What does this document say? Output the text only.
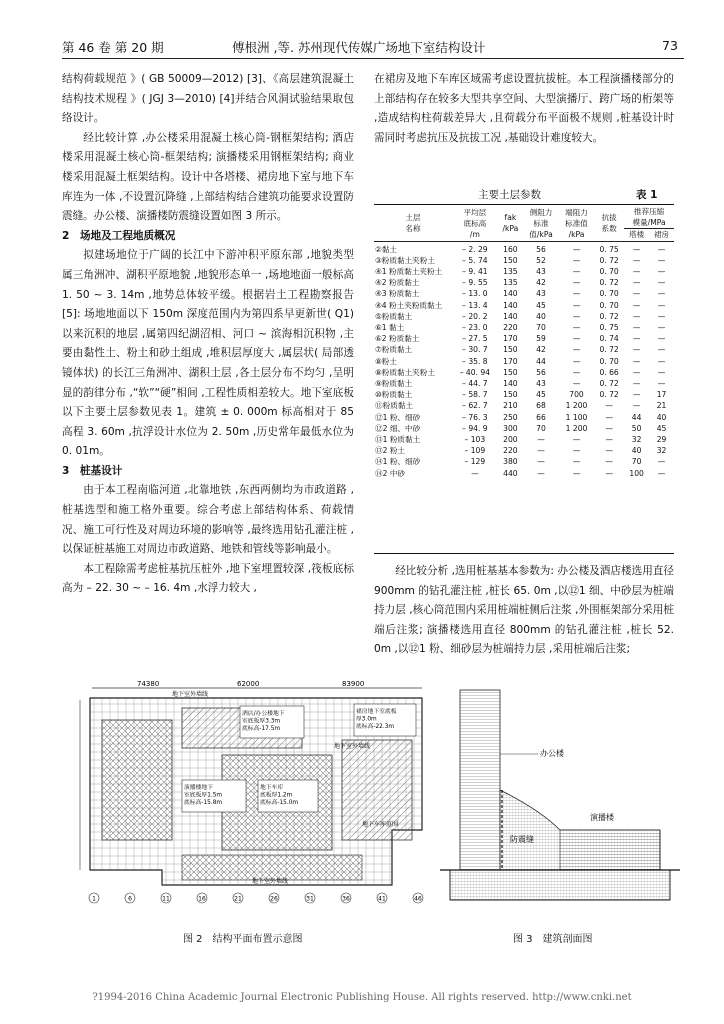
第 46 卷 第 20 期	傅根洲 ,等. 苏州现代传媒广场地下室结构设计	73

结构荷载规范 》( GB 50009—2012) [3]、《高层建筑混凝土结构技术规程 》( JGJ 3—2010) [4]并结合风洞试验结果取包络设计。

经比较计算 ,办公楼采用混凝土核心筒-钢框架结构; 酒店楼采用混凝土核心筒-框架结构; 演播楼采用钢框架结构; 商业楼采用混凝土框架结构。设计中各塔楼、裙房地下室与地下车库连为一体 ,不设置沉降缝 ,上部结构结合建筑功能要求设置防震缝。办公楼、演播楼防震缝设置如图 3 所示。

2　场地及工程地质概况

拟建场地位于广阔的长江中下游冲积平原东部 ,地貌类型属三角洲冲、湖积平原地貌 ,地貌形态单一 ,场地地面一般标高 1. 50 ~ 3. 14m ,地势总体较平缓。根据岩土工程勘察报告[5]: 场地地面以下 150m 深度范围内为第四系早更新世( Q1) 以来沉积的地层 ,属第四纪湖沼相、河口 ~ 滨海相沉积物 ,主要由黏性土、粉土和砂土组成 ,堆积层厚度大 ,属层状( 局部透镜体状) 的长江三角洲冲、湖积土层 ,各土层分布不均匀 ,呈明显的韵律分布 ,“软”“硬”相间 ,工程性质相差较大。地下室底板以下主要土层参数见表 1。建筑 ± 0. 000m 标高相对于 85 高程 3. 60m ,抗浮设计水位为 2. 50m ,历史常年最低水位为 0. 01m。

3　桩基设计

由于本工程南临河道 ,北靠地铁 ,东西两侧均为市政道路 ,桩基选型和施工格外重要。综合考虑上部结构体系、荷载情况、施工可行性及对周边环境的影响等 ,最终选用钻孔灌注桩 ,以保证桩基施工对周边市政道路、地铁和管线等影响最小。

本工程除需考虑桩基抗压桩外 ,地下室埋置较深 ,筏板底标高为 – 22. 30 ~ – 16. 4m ,水浮力较大 ,

在裙房及地下车库区域需考虑设置抗拔桩。本工程演播楼部分的上部结构存在较多大型共享空间、大型演播厅、跨广场的桁架等 ,造成结构柱荷载差异大 ,且荷载分布平面极不规则 ,桩基设计时需同时考虑抗压及抗拔工况 ,基础设计难度较大。

主要土层参数	表 1
土层
名称	平均层
底标高
/m	fak
/kPa	侧阻力
标准
值/kPa	端阻力
标准值
/kPa	抗拔
系数	推荐压缩
模量/MPa	
						塔楼	裙房
②黏土	– 2. 29	160	56	—	0. 75	—	—
③粉质黏土夹粉土	– 5. 74	150	52	—	0. 72	—	—
④1 粉质黏土夹粉土	– 9. 41	135	43	—	0. 70	—	—
④2 粉质黏土	– 9. 55	135	42	—	0. 72	—	—
④3 粉质黏土	– 13. 0	140	43	—	0. 70	—	—
④4 粉土夹粉质黏土	– 13. 4	140	45	—	0. 70	—	—
⑤粉质黏土	– 20. 2	140	40	—	0. 72	—	—
⑥1 黏土	– 23. 0	220	70	—	0. 75	—	—
⑥2 粉质黏土	– 27. 5	170	59	—	0. 74	—	—
⑦粉质黏土	– 30. 7	150	42	—	0. 72	—	—
⑧粉土	– 35. 8	170	44	—	0. 70	—	—
⑧粉质黏土夹粉土	– 40. 94	150	56	—	0. 66	—	—
⑨粉质黏土	– 44. 7	140	43	—	0. 72	—	—
⑩粉质黏土	– 58. 7	150	45	700	0. 72	—	17
⑪粉质黏土	– 62. 7	210	68	1 200	—	—	21
⑫1 粉、细砂	– 76. 3	250	66	1 100	—	44	40
⑫2 细、中砂	– 94. 9	300	70	1 200	—	50	45
⑬1 粉质黏土	– 103	200	—	—	—	32	29
⑬2 粉土	– 109	220	—	—	—	40	32
⑭1 粉、细砂	– 129	380	—	—	—	70	—
⑭2 中砂	—	440	—	—	—	100	—

经比较分析 ,选用桩基基本参数为: 办公楼及酒店楼选用直径 900mm 的钻孔灌注桩 ,桩长 65. 0m ,以⑫1 细、中砂层为桩端持力层 ,核心筒范围内采用桩端桩侧后注浆 ,外围框架部分采用桩端后注浆; 演播楼选用直径 800mm 的钻孔灌注桩 ,桩长 52. 0m ,以⑫1 粉、细砂层为桩端持力层 ,采用桩端后注浆;

74380	62000	83900
酒店/办公楼地下 室底板厚3.3m 底标高-17.5m
裙房地下室底板 厚3.0m 底标高-22.3m
地下车库 底板厚1.2m 底标高-15.0m
演播楼地下 室底板厚1.5m 底标高-15.8m
地下室外墙线
地下车库范围
地下室外墙线
地下室外墙线
1	6	11	16	21	26	31	36	41	46
图 2　结构平面布置示意图
办公楼
防震缝
演播楼
图 3　建筑剖面图
?1994-2016 China Academic Journal Electronic Publishing House. All rights reserved. http://www.cnki.net
